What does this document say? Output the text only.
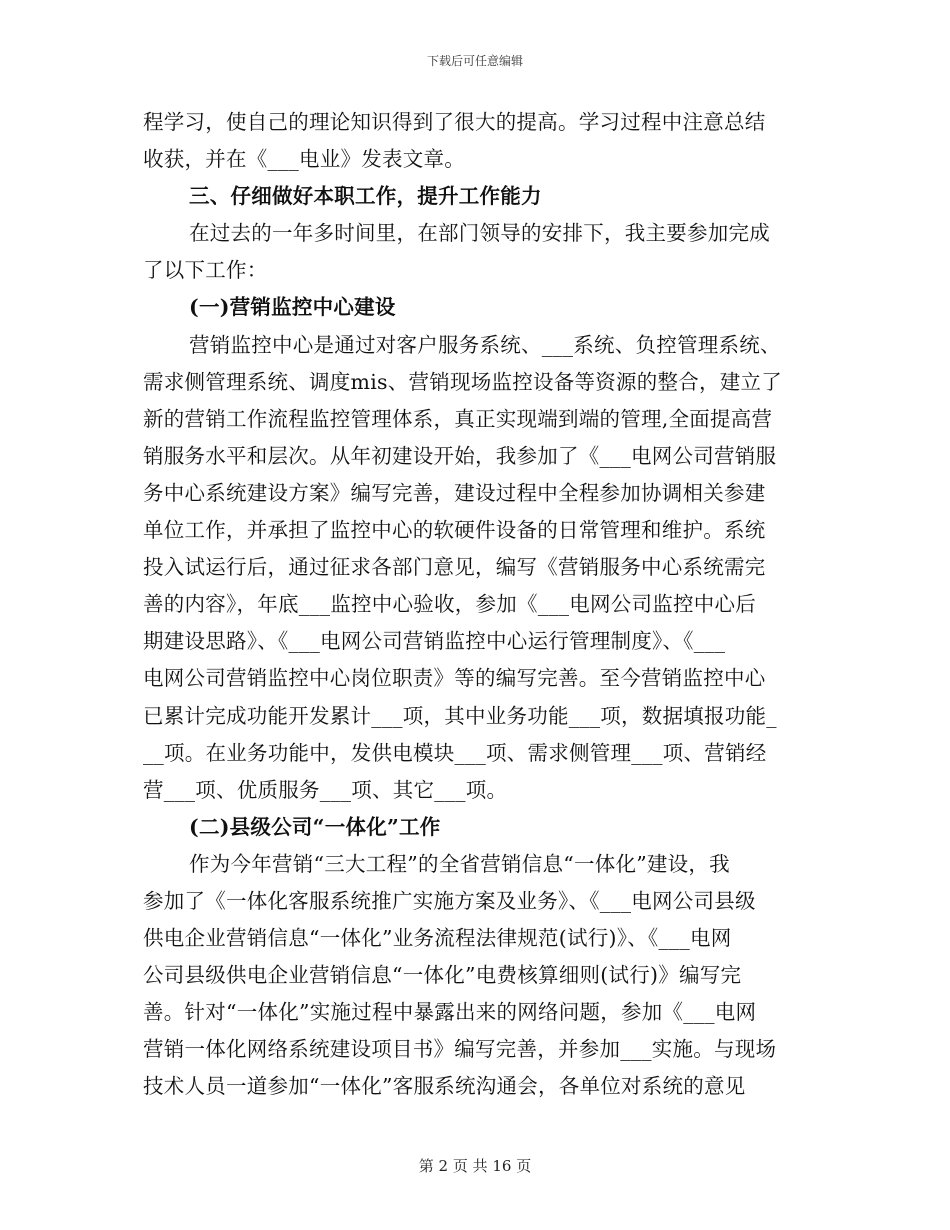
下载后可任意编辑
程学习，使自己的理论知识得到了很大的提高。学习过程中注意总结
收获，并在《___电业》发表文章。
三、仔细做好本职工作，提升工作能力
在过去的一年多时间里，在部门领导的安排下，我主要参加完成
了以下工作：
(一)营销监控中心建设
营销监控中心是通过对客户服务系统、___系统、负控管理系统、
需求侧管理系统、调度mis、营销现场监控设备等资源的整合，建立了
新的营销工作流程监控管理体系，真正实现端到端的管理,全面提高营
销服务水平和层次。从年初建设开始，我参加了《___电网公司营销服
务中心系统建设方案》编写完善，建设过程中全程参加协调相关参建
单位工作，并承担了监控中心的软硬件设备的日常管理和维护。系统
投入试运行后，通过征求各部门意见，编写《营销服务中心系统需完
善的内容》，年底___监控中心验收，参加《___电网公司监控中心后
期建设思路》、《___电网公司营销监控中心运行管理制度》、《___
电网公司营销监控中心岗位职责》等的编写完善。至今营销监控中心
已累计完成功能开发累计___项，其中业务功能___项，数据填报功能_
__项。在业务功能中，发供电模块___项、需求侧管理___项、营销经
营___项、优质服务___项、其它___项。
(二)县级公司“一体化”工作
作为今年营销“三大工程”的全省营销信息“一体化”建设，我
参加了《一体化客服系统推广实施方案及业务》、《___电网公司县级
供电企业营销信息“一体化”业务流程法律规范(试行)》、《___电网
公司县级供电企业营销信息“一体化”电费核算细则(试行)》编写完
善。针对“一体化”实施过程中暴露出来的网络问题，参加《___电网
营销一体化网络系统建设项目书》编写完善，并参加___实施。与现场
技术人员一道参加“一体化”客服系统沟通会，各单位对系统的意见
第 2 页 共 16 页
